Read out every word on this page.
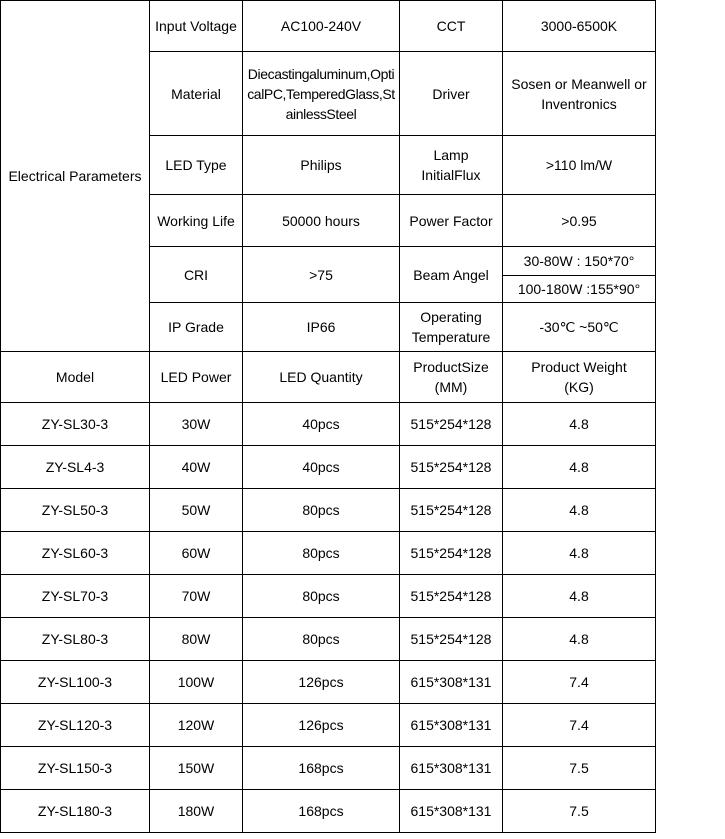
Electrical Parameters	Input Voltage	AC100-240V	CCT	3000-6500K
	Material	Diecastingaluminum,OpticalPC,TemperedGlass,StainlessSteel	Driver	Sosen or Meanwell or Inventronics
	LED Type	Philips	Lamp InitialFlux	>110 lm/W
	Working Life	50000 hours	Power Factor	>0.95
	CRI	>75	Beam Angel	30-80W : 150*70°
				100-180W :155*90°
	IP Grade	IP66	Operating Temperature	-30℃ ~50℃
Model	LED Power	LED Quantity	ProductSize (MM)	Product Weight (KG)
ZY-SL30-3	30W	40pcs	515*254*128	4.8
ZY-SL4-3	40W	40pcs	515*254*128	4.8
ZY-SL50-3	50W	80pcs	515*254*128	4.8
ZY-SL60-3	60W	80pcs	515*254*128	4.8
ZY-SL70-3	70W	80pcs	515*254*128	4.8
ZY-SL80-3	80W	80pcs	515*254*128	4.8
ZY-SL100-3	100W	126pcs	615*308*131	7.4
ZY-SL120-3	120W	126pcs	615*308*131	7.4
ZY-SL150-3	150W	168pcs	615*308*131	7.5
ZY-SL180-3	180W	168pcs	615*308*131	7.5
